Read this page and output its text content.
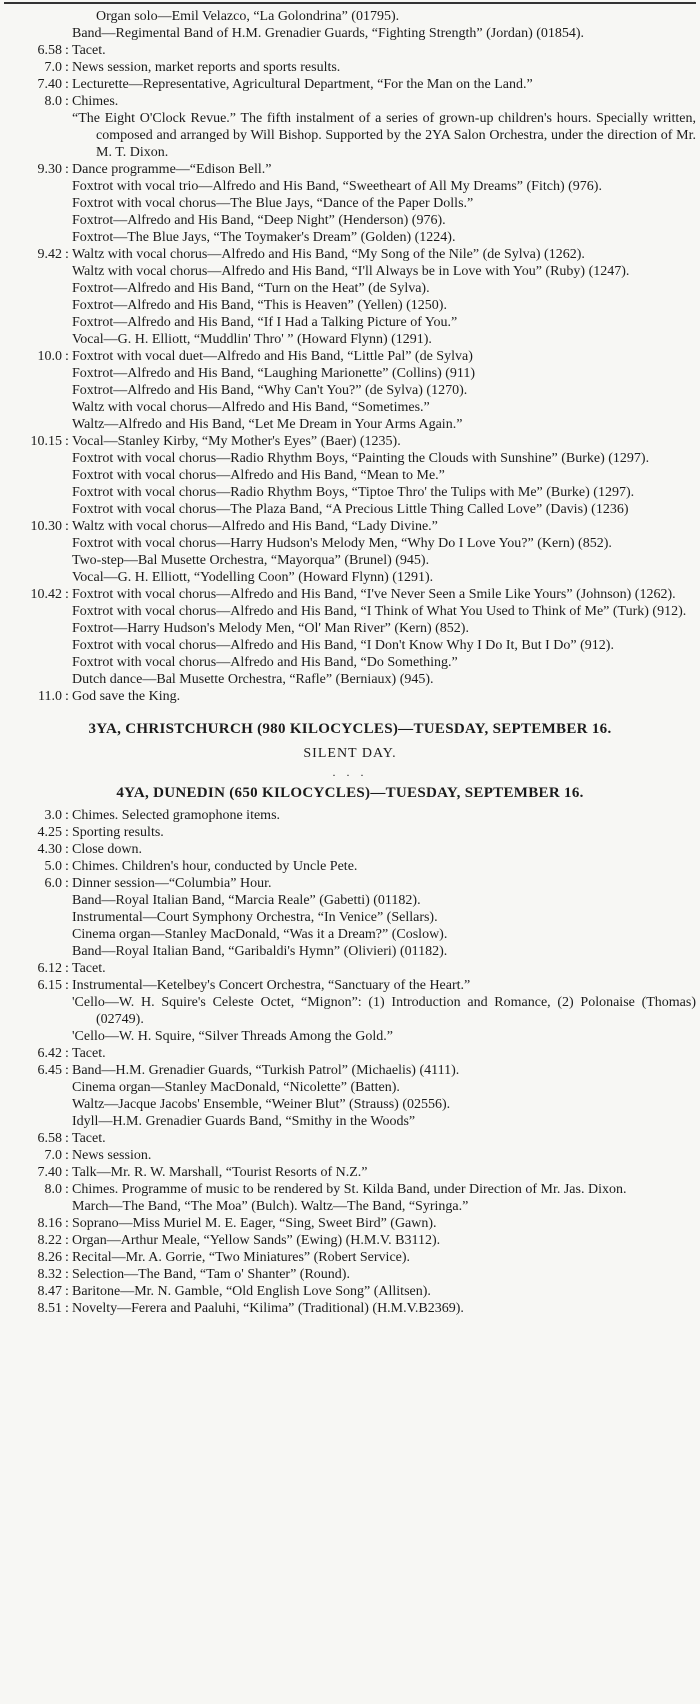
Organ solo—Emil Velazco, “La Golondrina” (01795).
Band—Regimental Band of H.M. Grenadier Guards, “Fighting Strength” (Jordan) (01854).
6.58 : Tacet.
7.0 : News session, market reports and sports results.
7.40 : Lecturette—Representative, Agricultural Department, “For the Man on the Land.”
8.0 : Chimes.
“The Eight O'Clock Revue.” The fifth instalment of a series of grown-up children's hours. Specially written, composed and arranged by Will Bishop. Supported by the 2YA Salon Orchestra, under the direction of Mr. M. T. Dixon.
9.30 : Dance programme—“Edison Bell.”
Foxtrot with vocal trio—Alfredo and His Band, “Sweetheart of All My Dreams” (Fitch) (976).
Foxtrot with vocal chorus—The Blue Jays, “Dance of the Paper Dolls.”
Foxtrot—Alfredo and His Band, “Deep Night” (Henderson) (976).
Foxtrot—The Blue Jays, “The Toymaker's Dream” (Golden) (1224).
9.42 : Waltz with vocal chorus—Alfredo and His Band, “My Song of the Nile” (de Sylva) (1262).
Waltz with vocal chorus—Alfredo and His Band, “I'll Always be in Love with You” (Ruby) (1247).
Foxtrot—Alfredo and His Band, “Turn on the Heat” (de Sylva).
Foxtrot—Alfredo and His Band, “This is Heaven” (Yellen) (1250).
Foxtrot—Alfredo and His Band, “If I Had a Talking Picture of You.”
Vocal—G. H. Elliott, “Muddlin' Thro' ” (Howard Flynn) (1291).
10.0 : Foxtrot with vocal duet—Alfredo and His Band, “Little Pal” (de Sylva)
Foxtrot—Alfredo and His Band, “Laughing Marionette” (Collins) (911)
Foxtrot—Alfredo and His Band, “Why Can't You?” (de Sylva) (1270).
Waltz with vocal chorus—Alfredo and His Band, “Sometimes.”
Waltz—Alfredo and His Band, “Let Me Dream in Your Arms Again.”
10.15 : Vocal—Stanley Kirby, “My Mother's Eyes” (Baer) (1235).
Foxtrot with vocal chorus—Radio Rhythm Boys, “Painting the Clouds with Sunshine” (Burke) (1297).
Foxtrot with vocal chorus—Alfredo and His Band, “Mean to Me.”
Foxtrot with vocal chorus—Radio Rhythm Boys, “Tiptoe Thro' the Tulips with Me” (Burke) (1297).
Foxtrot with vocal chorus—The Plaza Band, “A Precious Little Thing Called Love” (Davis) (1236)
10.30 : Waltz with vocal chorus—Alfredo and His Band, “Lady Divine.”
Foxtrot with vocal chorus—Harry Hudson's Melody Men, “Why Do I Love You?” (Kern) (852).
Two-step—Bal Musette Orchestra, “Mayorqua” (Brunel) (945).
Vocal—G. H. Elliott, “Yodelling Coon” (Howard Flynn) (1291).
10.42 : Foxtrot with vocal chorus—Alfredo and His Band, “I've Never Seen a Smile Like Yours” (Johnson) (1262).
Foxtrot with vocal chorus—Alfredo and His Band, “I Think of What You Used to Think of Me” (Turk) (912).
Foxtrot—Harry Hudson's Melody Men, “Ol' Man River” (Kern) (852).
Foxtrot with vocal chorus—Alfredo and His Band, “I Don't Know Why I Do It, But I Do” (912).
Foxtrot with vocal chorus—Alfredo and His Band, “Do Something.”
Dutch dance—Bal Musette Orchestra, “Rafle” (Berniaux) (945).
11.0 : God save the King.
3YA, CHRISTCHURCH (980 KILOCYCLES)—TUESDAY, SEPTEMBER 16.
SILENT DAY.
. . .
4YA, DUNEDIN (650 KILOCYCLES)—TUESDAY, SEPTEMBER 16.
3.0 : Chimes. Selected gramophone items.
4.25 : Sporting results.
4.30 : Close down.
5.0 : Chimes. Children's hour, conducted by Uncle Pete.
6.0 : Dinner session—“Columbia” Hour.
Band—Royal Italian Band, “Marcia Reale” (Gabetti) (01182).
Instrumental—Court Symphony Orchestra, “In Venice” (Sellars).
Cinema organ—Stanley MacDonald, “Was it a Dream?” (Coslow).
Band—Royal Italian Band, “Garibaldi's Hymn” (Olivieri) (01182).
6.12 : Tacet.
6.15 : Instrumental—Ketelbey's Concert Orchestra, “Sanctuary of the Heart.”
'Cello—W. H. Squire's Celeste Octet, “Mignon”: (1) Introduction and Romance, (2) Polonaise (Thomas) (02749).
'Cello—W. H. Squire, “Silver Threads Among the Gold.”
6.42 : Tacet.
6.45 : Band—H.M. Grenadier Guards, “Turkish Patrol” (Michaelis) (4111).
Cinema organ—Stanley MacDonald, “Nicolette” (Batten).
Waltz—Jacque Jacobs' Ensemble, “Weiner Blut” (Strauss) (02556).
Idyll—H.M. Grenadier Guards Band, “Smithy in the Woods”
6.58 : Tacet.
7.0 : News session.
7.40 : Talk—Mr. R. W. Marshall, “Tourist Resorts of N.Z.”
8.0 : Chimes. Programme of music to be rendered by St. Kilda Band, under Direction of Mr. Jas. Dixon.
March—The Band, “The Moa” (Bulch). Waltz—The Band, “Syringa.”
8.16 : Soprano—Miss Muriel M. E. Eager, “Sing, Sweet Bird” (Gawn).
8.22 : Organ—Arthur Meale, “Yellow Sands” (Ewing) (H.M.V. B3112).
8.26 : Recital—Mr. A. Gorrie, “Two Miniatures” (Robert Service).
8.32 : Selection—The Band, “Tam o' Shanter” (Round).
8.47 : Baritone—Mr. N. Gamble, “Old English Love Song” (Allitsen).
8.51 : Novelty—Ferera and Paaluhi, “Kilima” (Traditional) (H.M.V.B2369).
